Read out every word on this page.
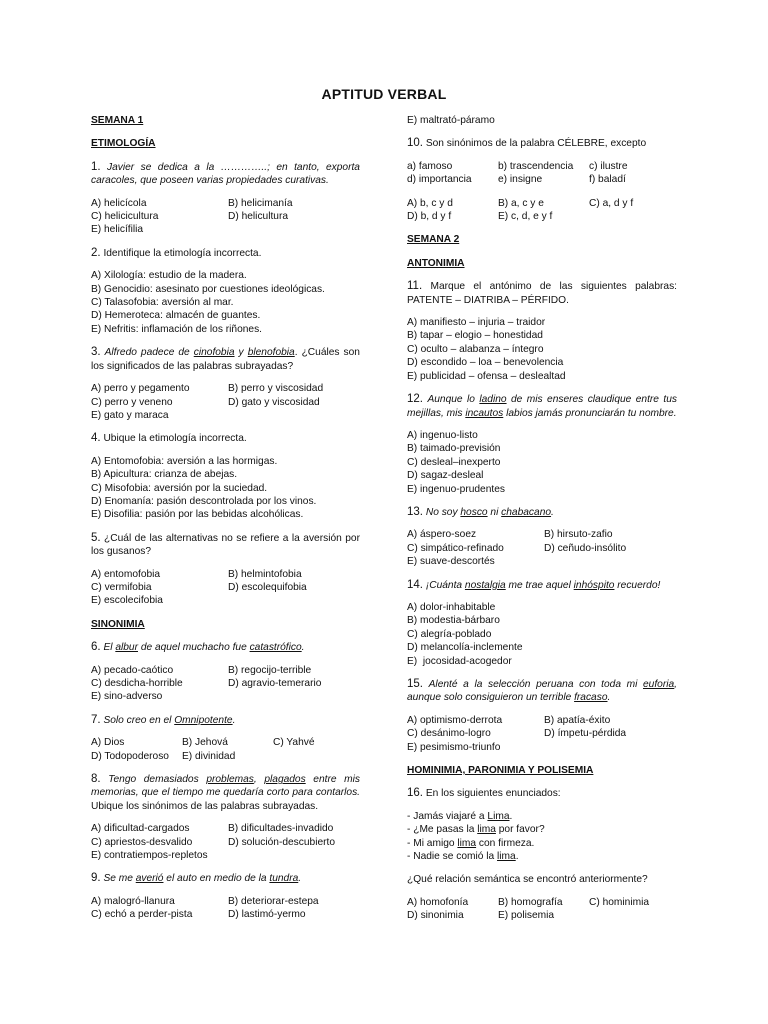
APTITUD VERBAL
SEMANA 1
ETIMOLOGÍA
1. Javier se dedica a la …………..; en tanto, exporta caracoles, que poseen varias propiedades curativas.
A) helicícola	B) helicimanía
C) helicicultura	D) helicultura
E) helicífilia
2. Identifique la etimología incorrecta.
A) Xilología: estudio de la madera.
B) Genocidio: asesinato por cuestiones ideológicas.
C) Talasofobia: aversión al mar.
D) Hemeroteca: almacén de guantes.
E) Nefritis: inflamación de los riñones.
3. Alfredo padece de cinofobia y blenofobia. ¿Cuáles son los significados de las palabras subrayadas?
A) perro y pegamento	B) perro y viscosidad
C) perro y veneno	D) gato y viscosidad
E) gato y maraca
4. Ubique la etimología incorrecta.
A) Entomofobia: aversión a las hormigas.
B) Apicultura: crianza de abejas.
C) Misofobia: aversión por la suciedad.
D) Enomanía: pasión descontrolada por los vinos.
E) Disofilia: pasión por las bebidas alcohólicas.
5. ¿Cuál de las alternativas no se refiere a la aversión por los gusanos?
A) entomofobia	B) helmintofobia
C) vermifobia	D) escolequifobia
E) escolecifobia
SINONIMIA
6. El albur de aquel muchacho fue catastrófico.
A) pecado-caótico	B) regocijo-terrible
C) desdicha-horrible	D) agravio-temerario
E) sino-adverso
7. Solo creo en el Omnipotente.
A) Dios	B) Jehová	C) Yahvé
D) Todopoderoso	E) divinidad
8. Tengo demasiados problemas, plagados entre mis memorias, que el tiempo me quedaría corto para contarlos. Ubique los sinónimos de las palabras subrayadas.
A) dificultad-cargados	B) dificultades-invadido
C) apriestos-desvalido	D) solución-descubierto
E) contratiempos-repletos
9. Se me averió el auto en medio de la tundra.
A) malogró-llanura	B) deteriorar-estepa
C) echó a perder-pista	D) lastimó-yermo
E) maltrató-páramo
10. Son sinónimos de la palabra CÉLEBRE, excepto
a) famoso	b) trascendencia	c) ilustre
d) importancia	e) insigne	f) baladí
A) b, c y d	B) a, c y e	C) a, d y f
D) b, d y f	E) c, d, e y f
SEMANA 2
ANTONIMIA
11. Marque el antónimo de las siguientes palabras: PATENTE – DIATRIBA – PÉRFIDO.
A) manifiesto – injuria – traidor
B) tapar – elogio – honestidad
C) oculto – alabanza – íntegro
D) escondido – loa – benevolencia
E) publicidad – ofensa – deslealtad
12. Aunque lo ladino de mis enseres claudique entre tus mejillas, mis incautos labios jamás pronunciarán tu nombre.
A) ingenuo-listo
B) taimado-previsión
C) desleal–inexperto
D) sagaz-desleal
E) ingenuo-prudentes
13. No soy hosco ni chabacano.
A) áspero-soez	B) hirsuto-zafio
C) simpático-refinado	D) ceñudo-insólito
E) suave-descortés
14. ¡Cuánta nostalgia me trae aquel inhóspito recuerdo!
A) dolor-inhabitable
B) modestia-bárbaro
C) alegría-poblado
D) melancolía-inclemente
E)  jocosidad-acogedor
15. Alenté a la selección peruana con toda mi euforia, aunque solo consiguieron un terrible fracaso.
A) optimismo-derrota	B) apatía-éxito
C) desánimo-logro	D) ímpetu-pérdida
E) pesimismo-triunfo
HOMINIMIA, PARONIMIA Y POLISEMIA
16. En los siguientes enunciados:
- Jamás viajaré a Lima.
- ¿Me pasas la lima por favor?
- Mi amigo lima con firmeza.
- Nadie se comió la lima.
¿Qué relación semántica se encontró anteriormente?
A) homofonía	B) homografía	C) hominimia
D) sinonimia	E) polisemia
